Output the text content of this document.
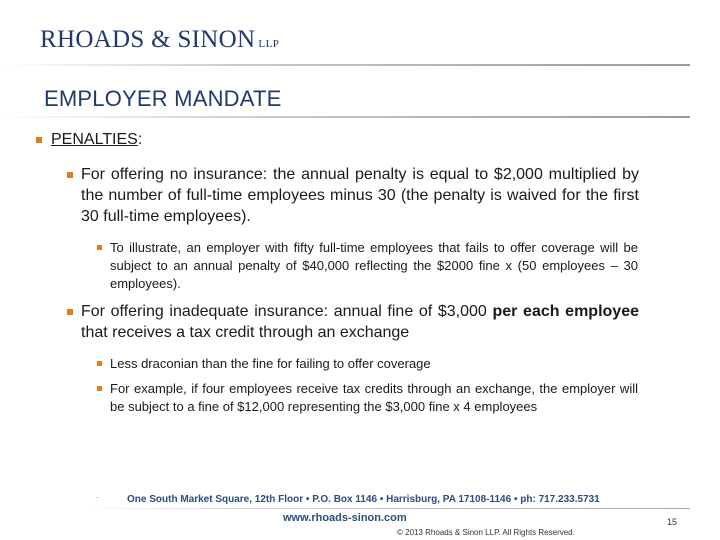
RHOADS & SINON LLP
EMPLOYER MANDATE
PENALTIES:
For offering no insurance: the annual penalty is equal to $2,000 multiplied by the number of full-time employees minus 30 (the penalty is waived for the first 30 full-time employees).
To illustrate, an employer with fifty full-time employees that fails to offer coverage will be subject to an annual penalty of $40,000 reflecting the $2000 fine x (50 employees – 30 employees).
For offering inadequate insurance: annual fine of $3,000 per each employee that receives a tax credit through an exchange
Less draconian than the fine for failing to offer coverage
For example, if four employees receive tax credits through an exchange, the employer will be subject to a fine of $12,000 representing the $3,000 fine x 4 employees
·	One South Market Square, 12th Floor • P.O. Box 1146 • Harrisburg, PA 17108-1146 • ph: 717.233.5731
www.rhoads-sinon.com
© 2013 Rhoads & Sinon LLP. All Rights Reserved.
15
